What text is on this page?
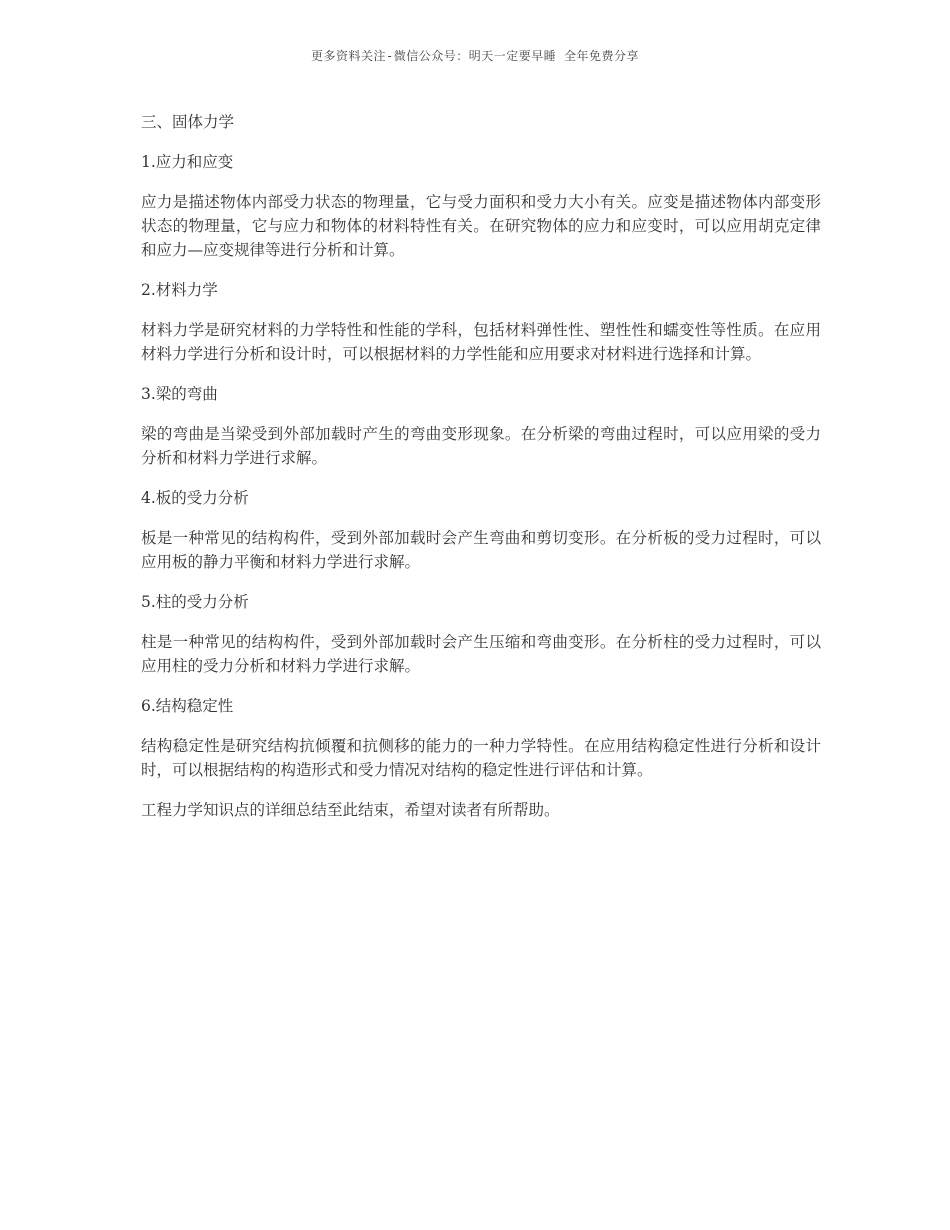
更多资料关注-微信公众号：明天一定要早睡 全年免费分享

三、固体力学

1.应力和应变

应力是描述物体内部受力状态的物理量，它与受力面积和受力大小有关。应变是描述物体内部变形状态的物理量，它与应力和物体的材料特性有关。在研究物体的应力和应变时，可以应用胡克定律和应力—应变规律等进行分析和计算。

2.材料力学

材料力学是研究材料的力学特性和性能的学科，包括材料弹性性、塑性性和蠕变性等性质。在应用材料力学进行分析和设计时，可以根据材料的力学性能和应用要求对材料进行选择和计算。

3.梁的弯曲

梁的弯曲是当梁受到外部加载时产生的弯曲变形现象。在分析梁的弯曲过程时，可以应用梁的受力分析和材料力学进行求解。

4.板的受力分析

板是一种常见的结构构件，受到外部加载时会产生弯曲和剪切变形。在分析板的受力过程时，可以应用板的静力平衡和材料力学进行求解。

5.柱的受力分析

柱是一种常见的结构构件，受到外部加载时会产生压缩和弯曲变形。在分析柱的受力过程时，可以应用柱的受力分析和材料力学进行求解。

6.结构稳定性

结构稳定性是研究结构抗倾覆和抗侧移的能力的一种力学特性。在应用结构稳定性进行分析和设计时，可以根据结构的构造形式和受力情况对结构的稳定性进行评估和计算。

工程力学知识点的详细总结至此结束，希望对读者有所帮助。
